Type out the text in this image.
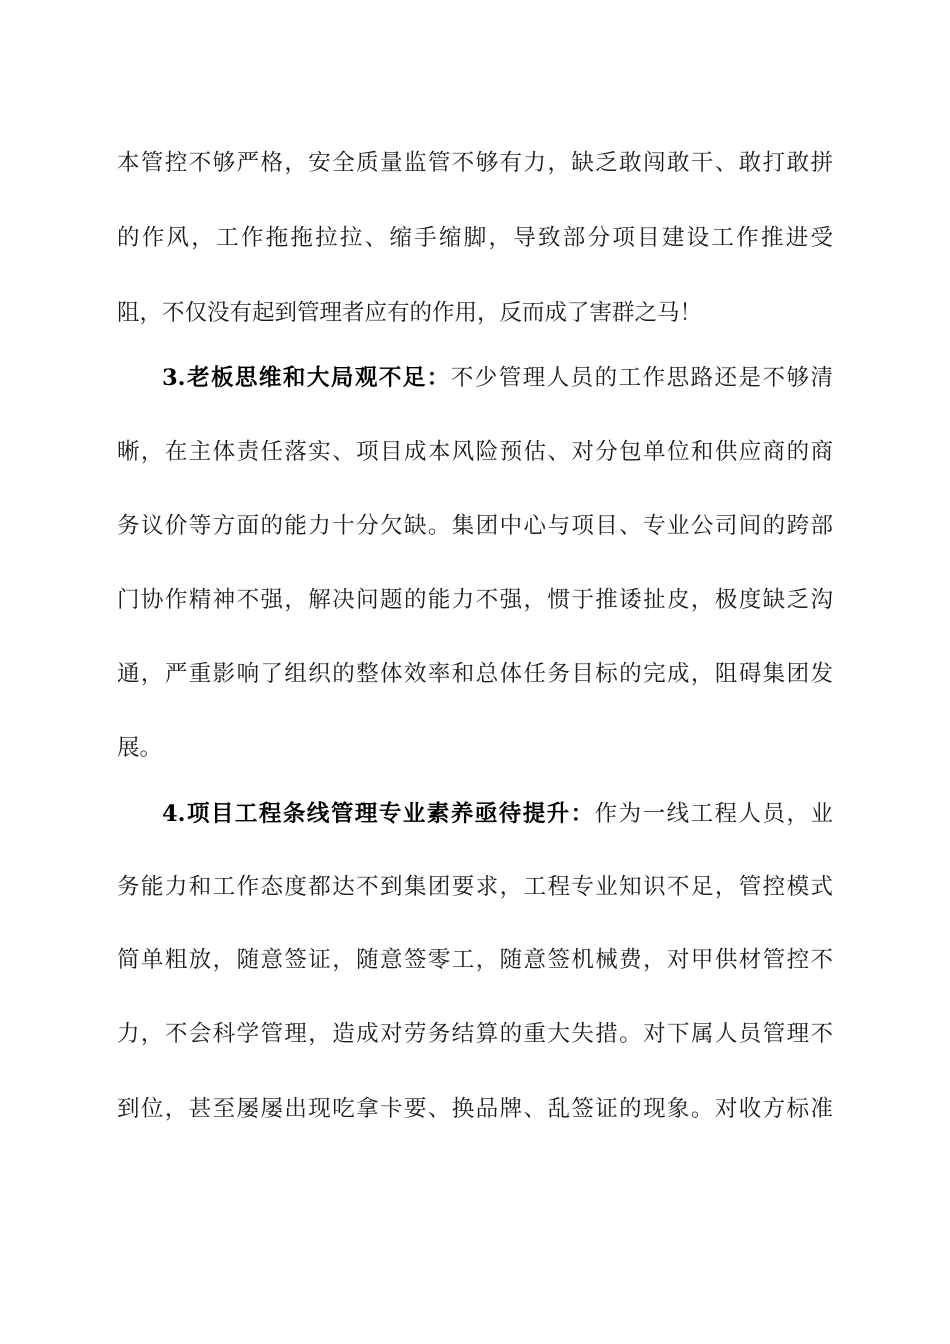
本管控不够严格，安全质量监管不够有力，缺乏敢闯敢干、敢打敢拼
的作风，工作拖拖拉拉、缩手缩脚，导致部分项目建设工作推进受
阻，不仅没有起到管理者应有的作用，反而成了害群之马！
3.老板思维和大局观不足：不少管理人员的工作思路还是不够清
晰，在主体责任落实、项目成本风险预估、对分包单位和供应商的商
务议价等方面的能力十分欠缺。集团中心与项目、专业公司间的跨部
门协作精神不强，解决问题的能力不强，惯于推诿扯皮，极度缺乏沟
通，严重影响了组织的整体效率和总体任务目标的完成，阻碍集团发
展。
4.项目工程条线管理专业素养亟待提升：作为一线工程人员，业
务能力和工作态度都达不到集团要求，工程专业知识不足，管控模式
简单粗放，随意签证，随意签零工，随意签机械费，对甲供材管控不
力，不会科学管理，造成对劳务结算的重大失措。对下属人员管理不
到位，甚至屡屡出现吃拿卡要、换品牌、乱签证的现象。对收方标准
